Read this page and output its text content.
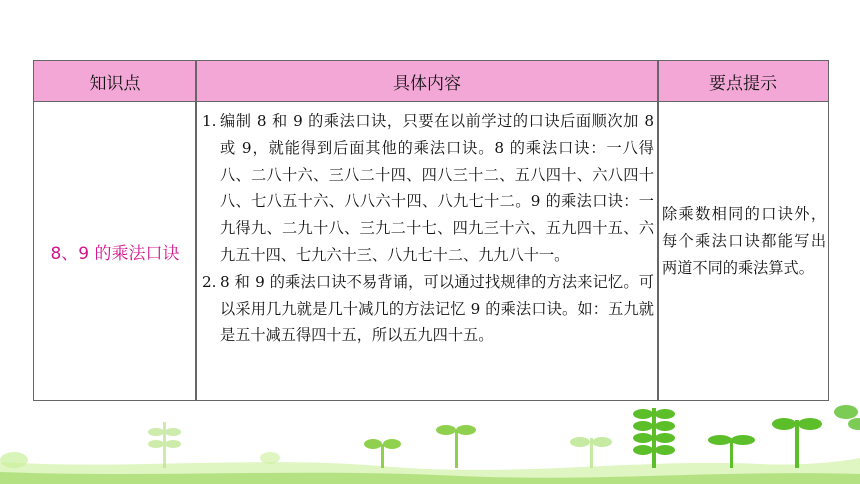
知识点	具体内容	要点提示
8、9 的乘法口诀
1. 编制 8 和 9 的乘法口诀，只要在以前学过的口诀后面顺次加 8 或 9，就能得到后面其他的乘法口诀。8 的乘法口诀：一八得八、二八十六、三八二十四、四八三十二、五八四十、六八四十八、七八五十六、八八六十四、八九七十二。9 的乘法口诀：一九得九、二九十八、三九二十七、四九三十六、五九四十五、六九五十四、七九六十三、八九七十二、九九八十一。
2. 8 和 9 的乘法口诀不易背诵，可以通过找规律的方法来记忆。可以采用几九就是几十减几的方法记忆 9 的乘法口诀。如：五九就是五十减五得四十五，所以五九四十五。
除乘数相同的口诀外，每个乘法口诀都能写出两道不同的乘法算式。
